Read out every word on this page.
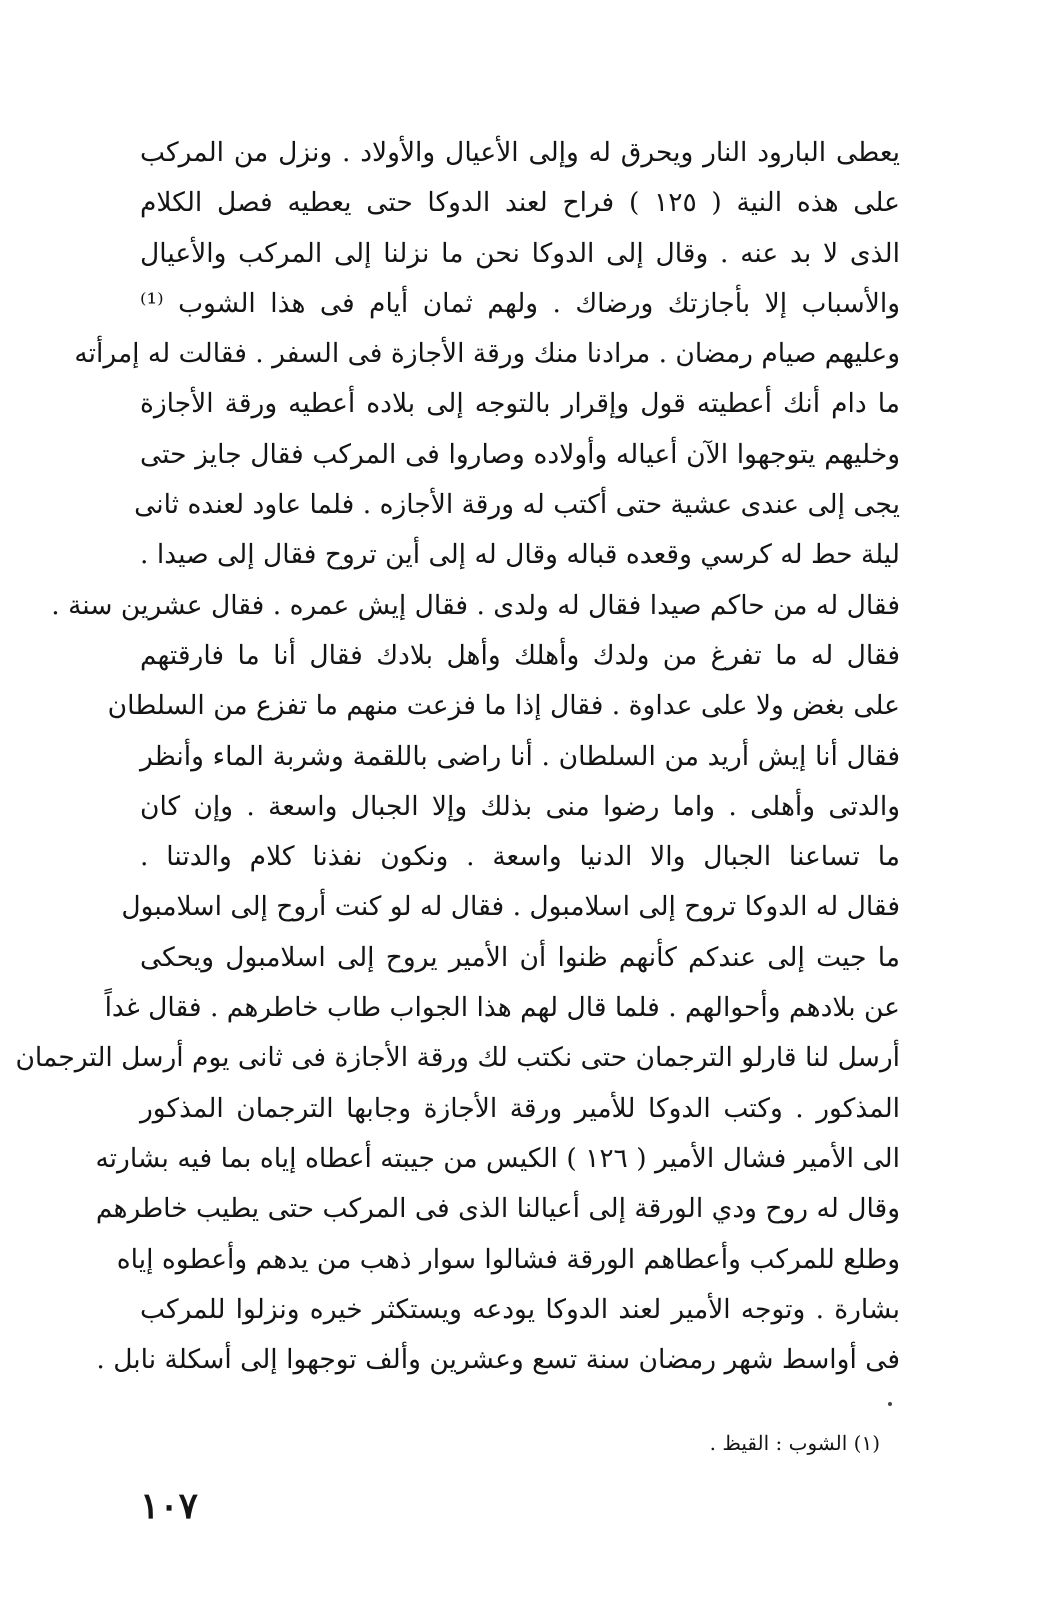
يعطى البارود النار ويحرق له وإلى الأعيال والأولاد . ونزل من المركب
على هذه النية ( ١٢٥ ) فراح لعند الدوكا حتى يعطيه فصل الكلام
الذى لا بد عنه . وقال إلى الدوكا نحن ما نزلنا إلى المركب والأعيال
والأسباب إلا بأجازتك ورضاك . ولهم ثمان أيام فى هذا الشوب ⁽¹⁾
وعليهم صيام رمضان . مرادنا منك ورقة الأجازة فى السفر . فقالت له إمرأته
ما دام أنك أعطيته قول وإقرار بالتوجه إلى بلاده أعطيه ورقة الأجازة
وخليهم يتوجهوا الآن أعياله وأولاده وصاروا فى المركب فقال جايز حتى
يجى إلى عندى عشية حتى أكتب له ورقة الأجازه . فلما عاود لعنده ثانى
ليلة حط له كرسي وقعده قباله وقال له إلى أين تروح فقال إلى صيدا .
فقال له من حاكم صيدا فقال له ولدى . فقال إيش عمره . فقال عشرين سنة .
فقال له ما تفرغ من ولدك وأهلك وأهل بلادك فقال أنا ما فارقتهم
على بغض ولا على عداوة . فقال إذا ما فزعت منهم ما تفزع من السلطان
فقال أنا إيش أريد من السلطان . أنا راضى باللقمة وشربة الماء وأنظر
والدتى وأهلى . واما رضوا منى بذلك وإلا الجبال واسعة . وإن كان
ما تساعنا الجبال والا الدنيا واسعة . ونكون نفذنا كلام والدتنا .
فقال له الدوكا تروح إلى اسلامبول . فقال له لو كنت أروح إلى اسلامبول
ما جيت إلى عندكم كأنهم ظنوا أن الأمير يروح إلى اسلامبول ويحكى
عن بلادهم وأحوالهم . فلما قال لهم هذا الجواب طاب خاطرهم . فقال غداً
أرسل لنا قارلو الترجمان حتى نكتب لك ورقة الأجازة فى ثانى يوم أرسل الترجمان
المذكور . وكتب الدوكا للأمير ورقة الأجازة وجابها الترجمان المذكور
الى الأمير فشال الأمير ( ١٢٦ ) الكيس من جيبته أعطاه إياه بما فيه بشارته
وقال له روح ودي الورقة إلى أعيالنا الذى فى المركب حتى يطيب خاطرهم
وطلع للمركب وأعطاهم الورقة فشالوا سوار ذهب من يدهم وأعطوه إياه
بشارة . وتوجه الأمير لعند الدوكا يودعه ويستكثر خيره ونزلوا للمركب
فى أواسط شهر رمضان سنة تسع وعشرين وألف توجهوا إلى أسكلة نابل .
(١) الشوب : القيظ .
١٠٧
